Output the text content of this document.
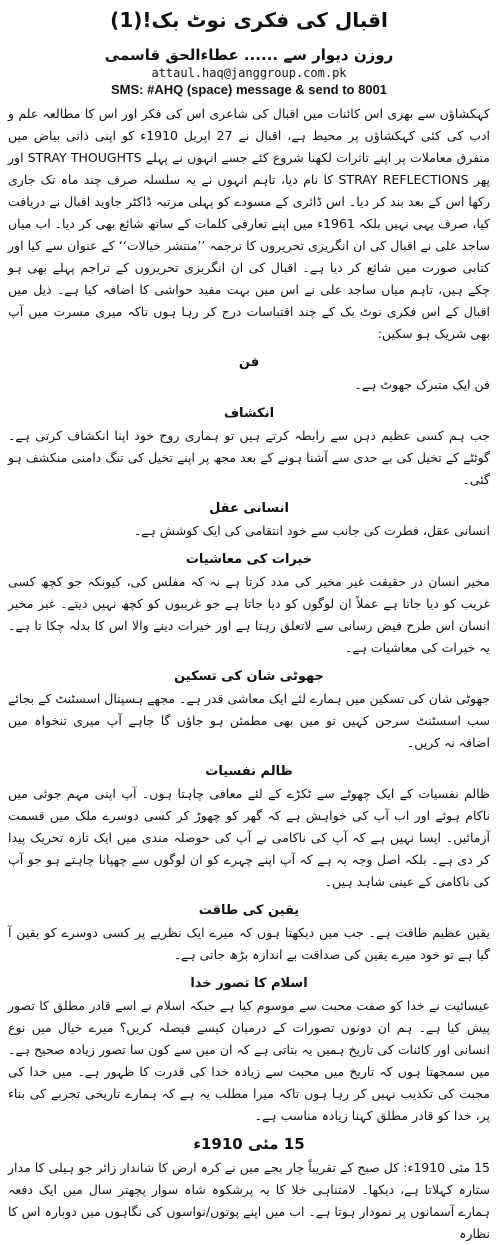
اقبال کی فکری نوٹ بک!(1)
روزن دیوار سے ...... عطاءالحق قاسمی
attaul.haq@janggroup.com.pk
SMS: #AHQ (space) message & send to 8001

کہکشاؤں سے بھری اس کائنات میں اقبال کی شاعری اس کی فکر اور اس کا مطالعہ علم و ادب کی کئی کہکشاؤں پر محیط ہے، اقبال نے 27 اپریل 1910ء کو اپنی ذاتی بیاض میں متفرق معاملات پر اپنے تاثرات لکھنا شروع کئے جسے انہوں نے پہلے STRAY THOUGHTS اور پھر STRAY REFLECTIONS کا نام دیا، تاہم انہوں نے یہ سلسلہ صرف چند ماہ تک جاری رکھا اس کے بعد بند کر دیا۔ اس ڈائری کے مسودے کو پہلی مرتبہ ڈاکٹر جاوید اقبال نے دریافت کیا، صرف یہی نہیں بلکہ 1961ء میں اپنے تعارفی کلمات کے ساتھ شائع بھی کر دیا۔ اب میاں ساجد علی نے اقبال کی ان انگریزی تحریروں کا ترجمہ ’’منتشر خیالات‘‘ کے عنوان سے کیا اور کتابی صورت میں شائع کر دیا ہے۔ اقبال کی ان انگریزی تحریروں کے تراجم پہلے بھی ہو چکے ہیں، تاہم میاں ساجد علی نے اس میں بہت مفید حواشی کا اضافہ کیا ہے۔ ذیل میں اقبال کے اس فکری نوٹ بک کے چند اقتباسات درج کر رہا ہوں تاکہ میری مسرت میں آپ بھی شریک ہو سکیں:

فن

فن ایک متبرک جھوٹ ہے۔

انکشاف

جب ہم کسی عظیم ذہن سے رابطہ کرتے ہیں تو ہماری روح خود اپنا انکشاف کرتی ہے۔ گوئٹے کے تخیل کی بے حدی سے آشنا ہونے کے بعد مجھ پر اپنے تخیل کی تنگ دامنی منکشف ہو گئی۔

انسانی عقل

انسانی عقل، فطرت کی جانب سے خود انتقامی کی ایک کوشش ہے۔

خیرات کی معاشیات

مخیر انسان در حقیقت غیر مخیر کی مدد کرتا ہے نہ کہ مفلس کی، کیونکہ جو کچھ کسی غریب کو دیا جاتا ہے عملاً ان لوگوں کو دیا جاتا ہے جو غریبوں کو کچھ نہیں دیتے۔ غیر مخیر انسان اس طرح فیض رسانی سے لاتعلق رہتا ہے اور خیرات دینے والا اس کا بدلہ چکا تا ہے۔ یہ خیرات کی معاشیات ہے۔

جھوٹی شان کی تسکین

جھوٹی شان کی تسکین میں ہمارے لئے ایک معاشی قدر ہے۔ مجھے ہسپتال اسسٹنٹ کے بجائے سب اسسٹنٹ سرجن کہیں تو میں بھی مطمئن ہو جاؤں گا چاہے آپ میری تنخواہ میں اضافہ نہ کریں۔

ظالم نفسیات

ظالم نفسیات کے ایک چھوٹے سے ٹکڑے کے لئے معافی چاہتا ہوں۔ آپ اپنی مہم جوئی میں ناکام ہوئے اور اب آپ کی خواہش ہے کہ گھر کو چھوڑ کر کسی دوسرے ملک میں قسمت آزمائیں۔ ایسا نہیں ہے کہ آپ کی ناکامی نے آپ کی حوصلہ مندی میں ایک تازہ تحریک پیدا کر دی ہے۔ بلکہ اصل وجہ یہ ہے کہ آپ اپنے چہرے کو ان لوگوں سے چھپانا چاہتے ہو جو آپ کی ناکامی کے عینی شاہد ہیں۔

یقین کی طاقت

یقین عظیم طاقت ہے۔ جب میں دیکھتا ہوں کہ میرے ایک نظریے پر کسی دوسرے کو یقین آ گیا ہے تو خود میرے یقین کی صداقت بے اندازہ بڑھ جاتی ہے۔

اسلام کا تصور خدا

عیسائیت نے خدا کو صفت محبت سے موسوم کیا ہے جبکہ اسلام نے اسے قادر مطلق کا تصور پیش کیا ہے۔ ہم ان دونوں تصورات کے درمیان کیسے فیصلہ کریں؟ میرے خیال میں نوع انسانی اور کائنات کی تاریخ ہمیں یہ بتاتی ہے کہ ان میں سے کون سا تصور زیادہ صحیح ہے۔ میں سمجھتا ہوں کہ تاریخ میں محبت سے زیادہ خدا کی قدرت کا ظہور ہے۔ میں خدا کی محبت کی تکذیب نہیں کر رہا ہوں تاکہ میرا مطلب یہ ہے کہ ہمارے تاریخی تجربے کی بناء پر، خدا کو قادر مطلق کہنا زیادہ مناسب ہے۔

15 مئی 1910ء

15 مئی 1910ء: کل صبح کے تقریباً چار بجے میں نے کرہ ارض کا شاندار زائر جو ہیلی کا مدار ستارہ کہلاتا ہے، دیکھا۔ لامتناہی خلا کا یہ پرشکوہ شاہ سوار پچھتر سال میں ایک دفعہ ہمارے آسمانوں پر نمودار ہوتا ہے۔ اب میں اپنے پوتوں/نواسوں کی نگاہوں میں دوبارہ اس کا نظارہ
